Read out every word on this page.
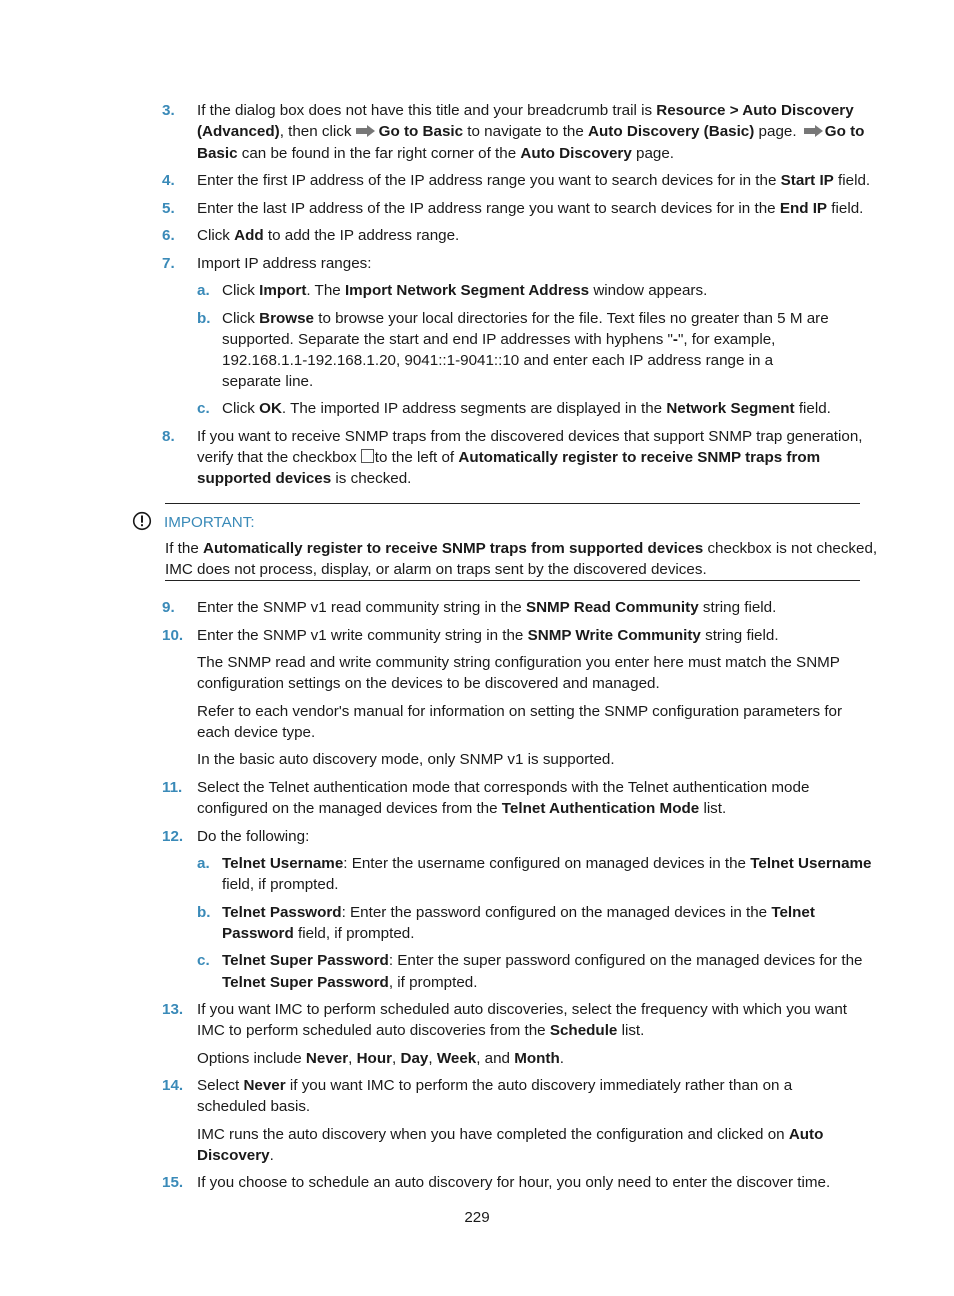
3. If the dialog box does not have this title and your breadcrumb trail is Resource > Auto Discovery
(Advanced), then click Go to Basic to navigate to the Auto Discovery (Basic) page. Go to
Basic can be found in the far right corner of the Auto Discovery page.
4. Enter the first IP address of the IP address range you want to search devices for in the Start IP field.
5. Enter the last IP address of the IP address range you want to search devices for in the End IP field.
6. Click Add to add the IP address range.
7. Import IP address ranges:
a. Click Import. The Import Network Segment Address window appears.
b. Click Browse to browse your local directories for the file. Text files no greater than 5 M are
supported. Separate the start and end IP addresses with hyphens "-", for example,
192.168.1.1-192.168.1.20, 9041::1-9041::10 and enter each IP address range in a
separate line.
c. Click OK. The imported IP address segments are displayed in the Network Segment field.
8. If you want to receive SNMP traps from the discovered devices that support SNMP trap generation,
verify that the checkbox to the left of Automatically register to receive SNMP traps from
supported devices is checked.
IMPORTANT:
If the Automatically register to receive SNMP traps from supported devices checkbox is not checked,
IMC does not process, display, or alarm on traps sent by the discovered devices.
9. Enter the SNMP v1 read community string in the SNMP Read Community string field.
10. Enter the SNMP v1 write community string in the SNMP Write Community string field.
The SNMP read and write community string configuration you enter here must match the SNMP
configuration settings on the devices to be discovered and managed.
Refer to each vendor's manual for information on setting the SNMP configuration parameters for
each device type.
In the basic auto discovery mode, only SNMP v1 is supported.
11. Select the Telnet authentication mode that corresponds with the Telnet authentication mode
configured on the managed devices from the Telnet Authentication Mode list.
12. Do the following:
a. Telnet Username: Enter the username configured on managed devices in the Telnet Username
field, if prompted.
b. Telnet Password: Enter the password configured on the managed devices in the Telnet
Password field, if prompted.
c. Telnet Super Password: Enter the super password configured on the managed devices for the
Telnet Super Password, if prompted.
13. If you want IMC to perform scheduled auto discoveries, select the frequency with which you want
IMC to perform scheduled auto discoveries from the Schedule list.
Options include Never, Hour, Day, Week, and Month.
14. Select Never if you want IMC to perform the auto discovery immediately rather than on a
scheduled basis.
IMC runs the auto discovery when you have completed the configuration and clicked on Auto
Discovery.
15. If you choose to schedule an auto discovery for hour, you only need to enter the discover time.
229
